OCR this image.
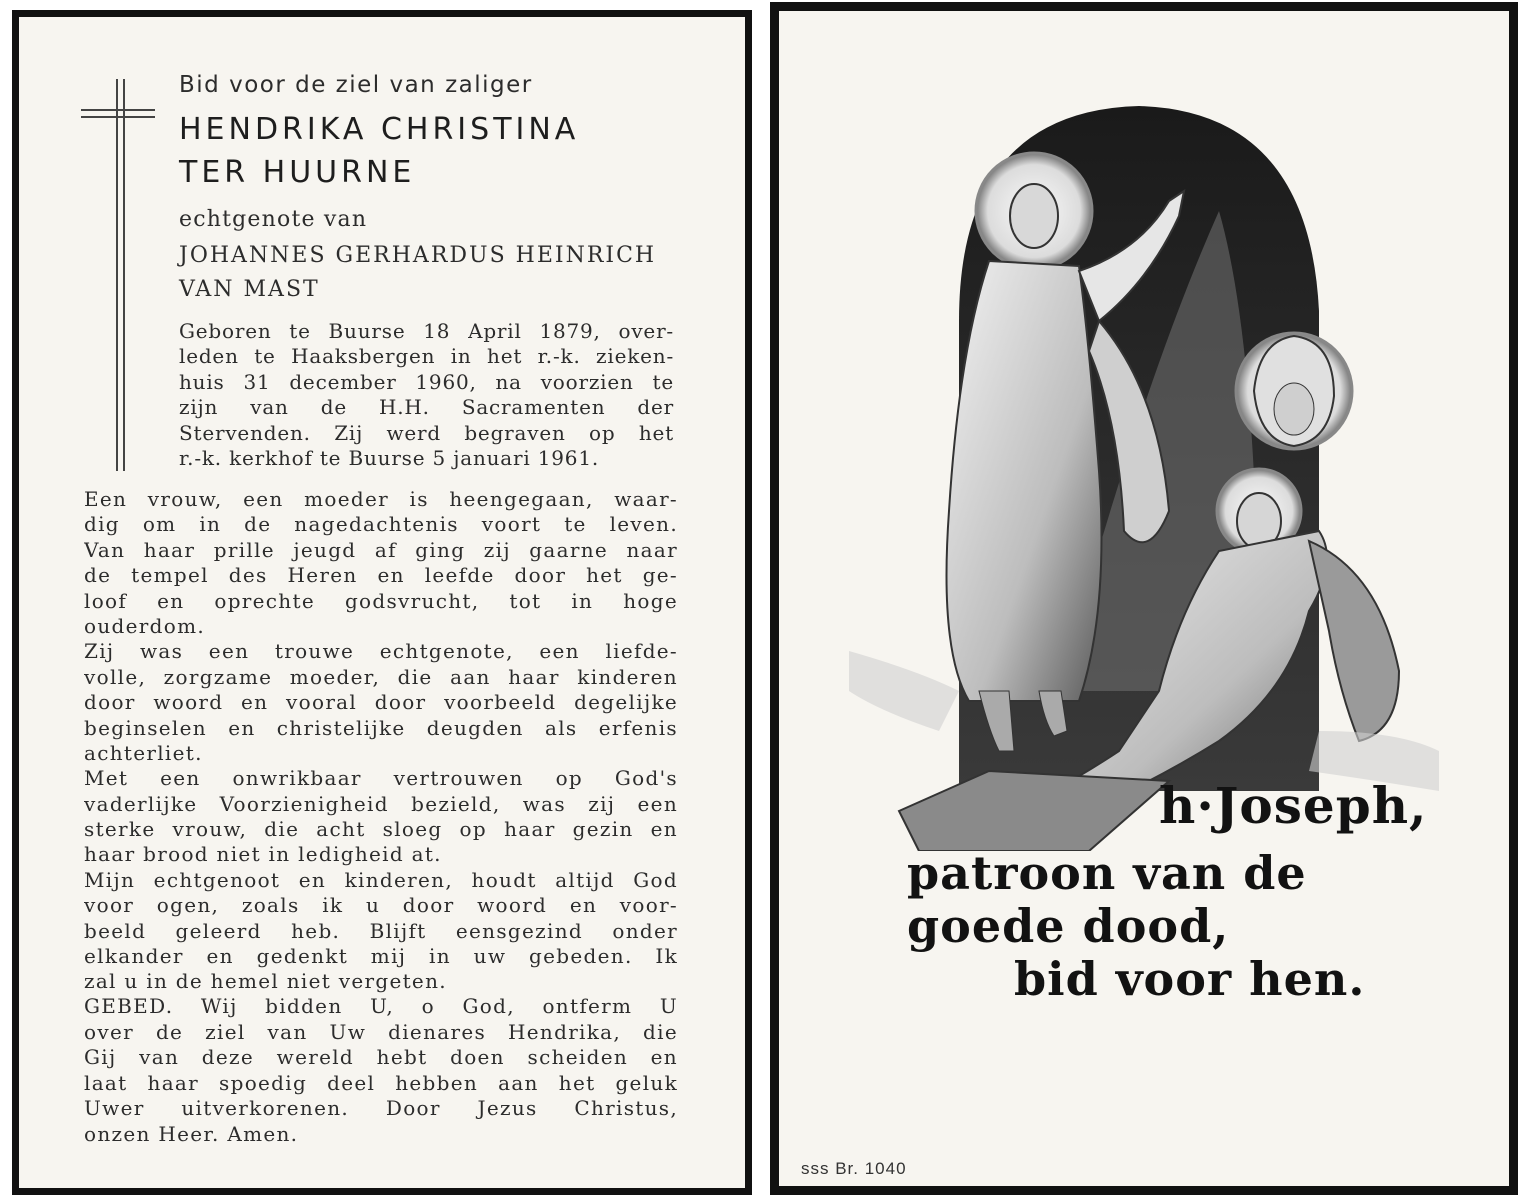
Bid voor de ziel van zaliger
HENDRIKA CHRISTINA
TER HUURNE
echtgenote van
JOHANNES GERHARDUS HEINRICH
VAN MAST
Geboren te Buurse 18 April 1879, over-
leden te Haaksbergen in het r.-k. zieken-
huis 31 december 1960, na voorzien te
zijn van de H.H. Sacramenten der
Stervenden. Zij werd begraven op het
r.-k. kerkhof te Buurse 5 januari 1961.
Een vrouw, een moeder is heengegaan, waar-
dig om in de nagedachtenis voort te leven.
Van haar prille jeugd af ging zij gaarne naar
de tempel des Heren en leefde door het ge-
loof en oprechte godsvrucht, tot in hoge
ouderdom.
Zij was een trouwe echtgenote, een liefde-
volle, zorgzame moeder, die aan haar kinderen
door woord en vooral door voorbeeld degelijke
beginselen en christelijke deugden als erfenis
achterliet.
Met een onwrikbaar vertrouwen op God's
vaderlijke Voorzienigheid bezield, was zij een
sterke vrouw, die acht sloeg op haar gezin en
haar brood niet in ledigheid at.
Mijn echtgenoot en kinderen, houdt altijd God
voor ogen, zoals ik u door woord en voor-
beeld geleerd heb. Blijft eensgezind onder
elkander en gedenkt mij in uw gebeden. Ik
zal u in de hemel niet vergeten.
GEBED. Wij bidden U, o God, ontferm U
over de ziel van Uw dienares Hendrika, die
Gij van deze wereld hebt doen scheiden en
laat haar spoedig deel hebben aan het geluk
Uwer uitverkorenen. Door Jezus Christus,
onzen Heer. Amen.
h·Joseph,
patroon van de
goede dood,
bid voor hen.
sss Br. 1040
